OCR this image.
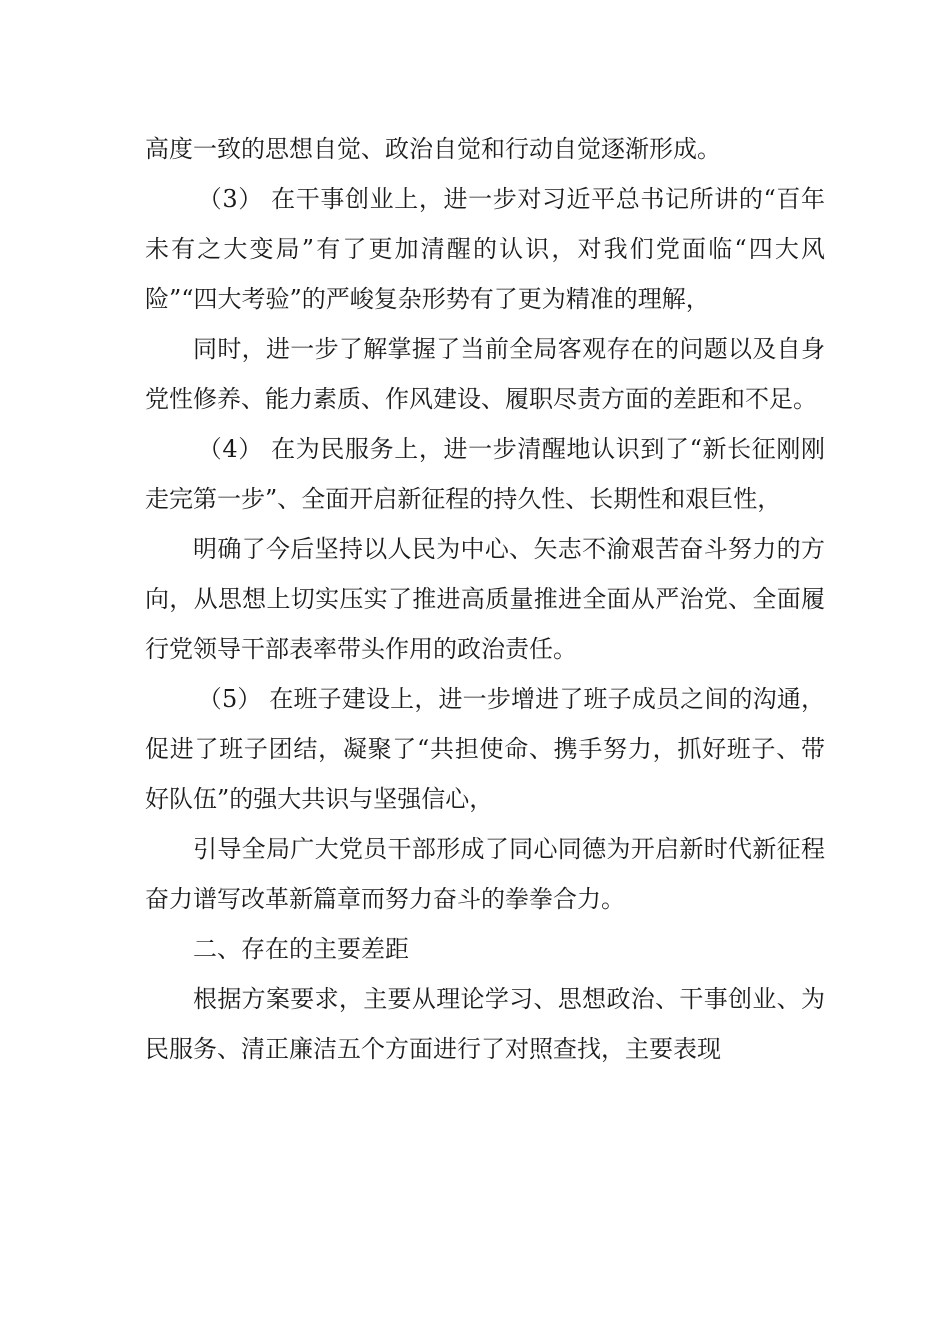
高度一致的思想自觉、政治自觉和行动自觉逐渐形成。

（3） 在干事创业上，进一步对习近平总书记所讲的“百年未有之大变局”有了更加清醒的认识，对我们党面临“四大风险”“四大考验”的严峻复杂形势有了更为精准的理解，

同时，进一步了解掌握了当前全局客观存在的问题以及自身党性修养、能力素质、作风建设、履职尽责方面的差距和不足。

（4） 在为民服务上，进一步清醒地认识到了“新长征刚刚走完第一步”、全面开启新征程的持久性、长期性和艰巨性，

明确了今后坚持以人民为中心、矢志不渝艰苦奋斗努力的方向，从思想上切实压实了推进高质量推进全面从严治党、全面履行党领导干部表率带头作用的政治责任。

（5） 在班子建设上，进一步增进了班子成员之间的沟通，促进了班子团结，凝聚了“共担使命、携手努力，抓好班子、带好队伍”的强大共识与坚强信心，

引导全局广大党员干部形成了同心同德为开启新时代新征程奋力谱写改革新篇章而努力奋斗的拳拳合力。

二、存在的主要差距

根据方案要求，主要从理论学习、思想政治、干事创业、为民服务、清正廉洁五个方面进行了对照查找，主要表现
